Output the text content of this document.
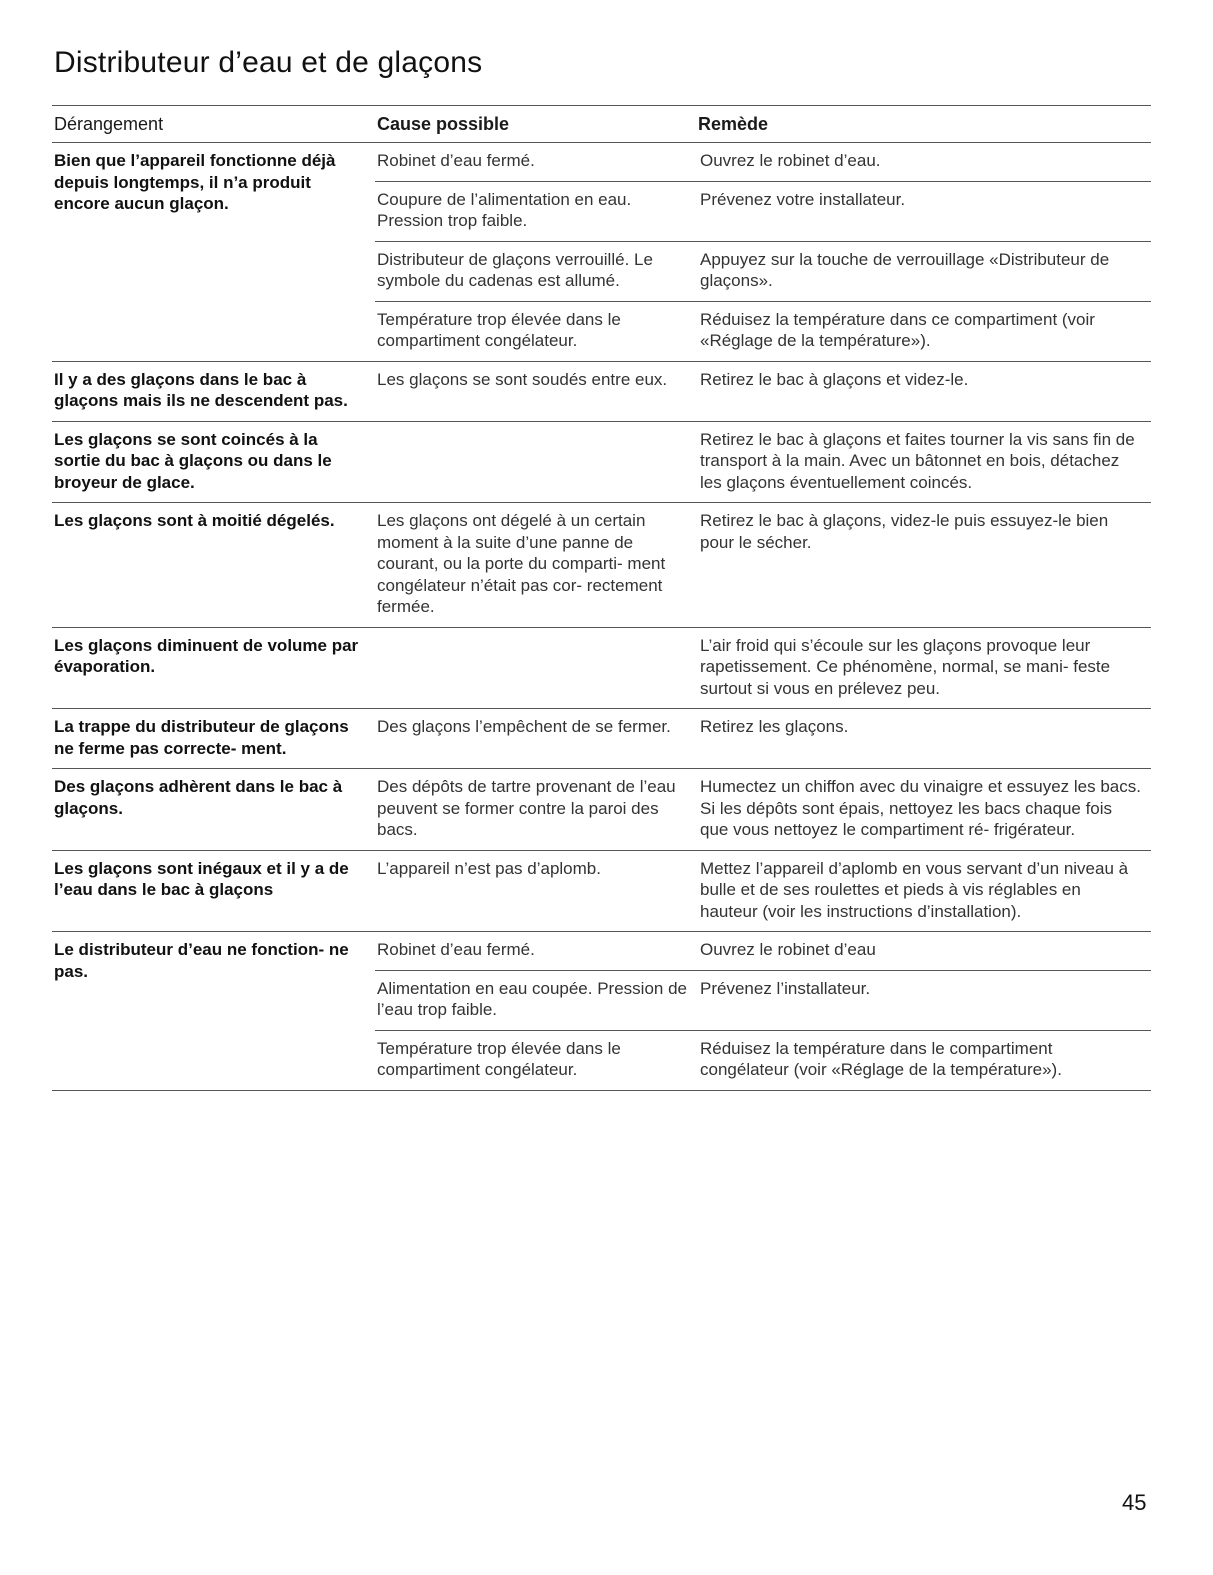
Distributeur d’eau et de glaçons
Dérangement	Cause possible	Remède
Bien que l’appareil fonctionne déjà depuis longtemps, il n’a produit encore aucun glaçon.	Robinet d’eau fermé.	Ouvrez le robinet d’eau.
	Coupure de l’alimentation en eau. Pression trop faible.	Prévenez votre installateur.
	Distributeur de glaçons verrouillé. Le symbole du cadenas est allumé.	Appuyez sur la touche de verrouillage «Distributeur de glaçons».
	Température trop élevée dans le compartiment congélateur.	Réduisez la température dans ce compartiment (voir «Réglage de la température»).
Il y a des glaçons dans le bac à glaçons mais ils ne descendent pas.	Les glaçons se sont soudés entre eux.	Retirez le bac à glaçons et videz-le.
Les glaçons se sont coincés à la sortie du bac à glaçons ou dans le broyeur de glace.		Retirez le bac à glaçons et faites tourner la vis sans fin de transport à la main. Avec un bâtonnet en bois, détachez les glaçons éventuellement coincés.
Les glaçons sont à moitié dégelés.	Les glaçons ont dégelé à un certain moment à la suite d’une panne de courant, ou la porte du comparti- ment congélateur n’était pas cor- rectement fermée.	Retirez le bac à glaçons, videz-le puis essuyez-le bien pour le sécher.
Les glaçons diminuent de volume par évaporation.		L’air froid qui s’écoule sur les glaçons provoque leur rapetissement. Ce phénomène, normal, se mani- feste surtout si vous en prélevez peu.
La trappe du distributeur de glaçons ne ferme pas correcte- ment.	Des glaçons l’empêchent de se fermer.	Retirez les glaçons.
Des glaçons adhèrent dans le bac à glaçons.	Des dépôts de tartre provenant de l’eau peuvent se former contre la paroi des bacs.	Humectez un chiffon avec du vinaigre et essuyez les bacs. Si les dépôts sont épais, nettoyez les bacs chaque fois que vous nettoyez le compartiment ré- frigérateur.
Les glaçons sont inégaux et il y a de l’eau dans le bac à glaçons	L’appareil n’est pas d’aplomb.	Mettez l’appareil d’aplomb en vous servant d’un niveau à bulle et de ses roulettes et pieds à vis réglables en hauteur (voir les instructions d’installation).
Le distributeur d’eau ne fonction- ne pas.	Robinet d’eau fermé.	Ouvrez le robinet d’eau
	Alimentation en eau coupée. Pression de l’eau trop faible.	Prévenez l’installateur.
	Température trop élevée dans le compartiment congélateur.	Réduisez la température dans le compartiment congélateur (voir «Réglage de la température»).
45
